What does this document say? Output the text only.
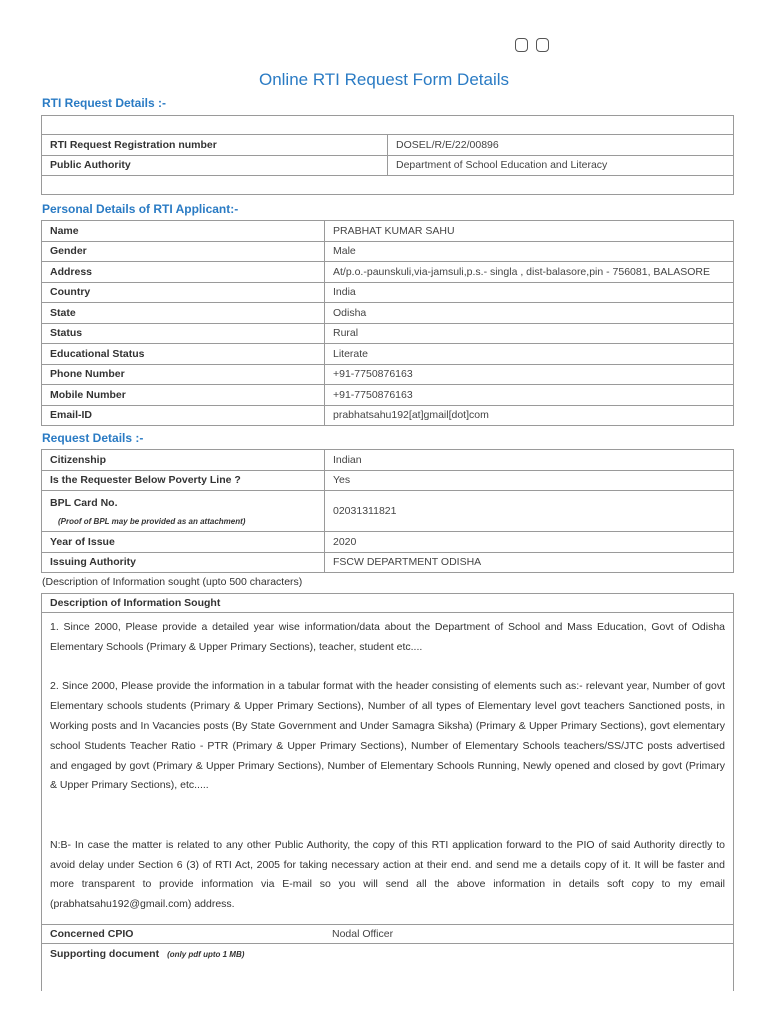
Online RTI Request Form Details
RTI Request Details :-

RTI Request Registration number	DOSEL/R/E/22/00896
Public Authority	Department of School Education and Literacy

Personal Details of RTI Applicant:-
Name	PRABHAT KUMAR SAHU
Gender	Male
Address	At/p.o.-paunskuli,via-jamsuli,p.s.- singla , dist-balasore,pin - 756081, BALASORE
Country	India
State	Odisha
Status	Rural
Educational Status	Literate
Phone Number	+91-7750876163
Mobile Number	+91-7750876163
Email-ID	prabhatsahu192[at]gmail[dot]com
Request Details :-
Citizenship	Indian
Is the Requester Below Poverty Line ?	Yes
BPL Card No.
(Proof of BPL may be provided as an attachment)	02031311821
Year of Issue	2020
Issuing Authority	FSCW DEPARTMENT ODISHA
(Description of Information sought (upto 500 characters)
Description of Information Sought

1. Since 2000, Please provide a detailed year wise information/data about the Department of School and Mass Education, Govt of Odisha Elementary Schools (Primary & Upper Primary Sections), teacher, student etc....

2. Since 2000, Please provide the information in a tabular format with the header consisting of elements such as:- relevant year, Number of govt Elementary schools students (Primary & Upper Primary Sections), Number of all types of Elementary level govt teachers Sanctioned posts, in Working posts and In Vacancies posts (By State Government and Under Samagra Siksha) (Primary & Upper Primary Sections), govt elementary school Students Teacher Ratio - PTR (Primary & Upper Primary Sections), Number of Elementary Schools teachers/SS/JTC posts advertised and engaged by govt (Primary & Upper Primary Sections), Number of Elementary Schools Running, Newly opened and closed by govt (Primary & Upper Primary Sections), etc.....

N:B- In case the matter is related to any other Public Authority, the copy of this RTI application forward to the PIO of said Authority directly to avoid delay under Section 6 (3) of RTI Act, 2005 for taking necessary action at their end. and send me a details copy of it. It will be faster and more transparent to provide information via E-mail so you will send all the above information in details soft copy to my email (prabhatsahu192@gmail.com) address.

Concerned CPIO	Nodal Officer
Supporting document (only pdf upto 1 MB)
